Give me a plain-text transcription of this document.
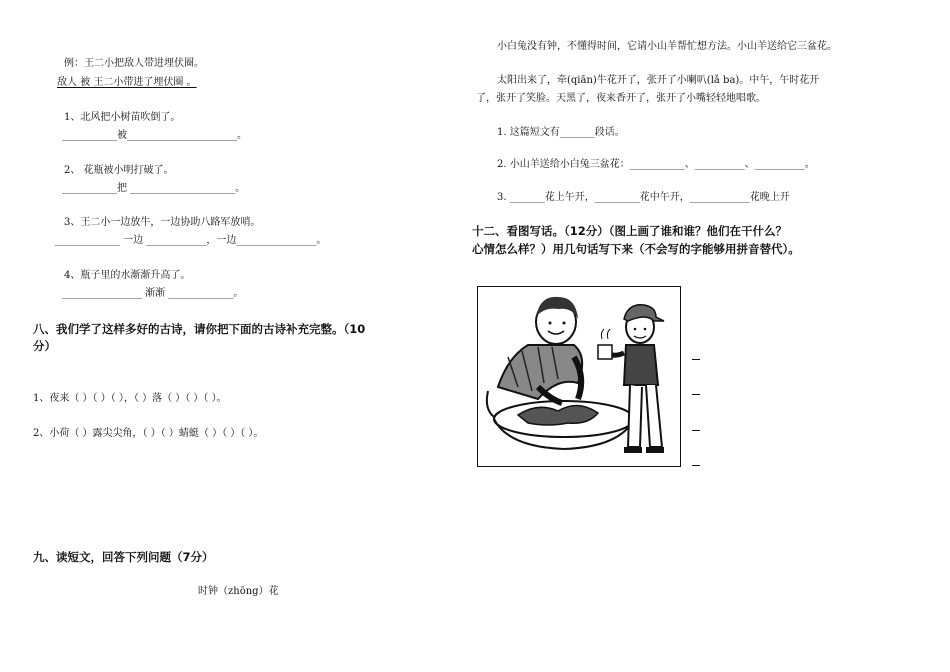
例：王二小把敌人带进埋伏圈。
敌人 被 王二小带进了埋伏圈 。
1、北风把小树苗吹倒了。
___________被______________________。
2、 花瓶被小明打破了。
___________把 _____________________。
3、王二小一边放牛，一边协助八路军放哨。
_____________ 一边 ____________，一边________________。
4、瓶子里的水渐渐升高了。
________________ 渐渐 _____________。
八、我们学了这样多好的古诗，请你把下面的古诗补充完整。（10
分）
1、夜来（ ）（ ）（ ），（ ）落（ ）（ ）（ ）。
2、小荷（ ）露尖尖角，（ ）（ ）蜻蜓（ ）（ ）（ ）。
九、读短文，回答下列问题（7分）
时钟（zhōng）花
小白兔没有钟，不懂得时间，它请小山羊帮忙想方法。小山羊送给它三盆花。
太阳出来了，牵(qiān)牛花开了，张开了小喇叭(lǎ ba)。中午，午时花开
了，张开了笑脸。天黑了，夜来香开了，张开了小嘴轻轻地唱歌。
1. 这篇短文有_______段话。
2. 小山羊送给小白兔三盆花：___________、__________、__________。
3. _______花上午开，_________花中午开，____________花晚上开
十二、看图写话。（12分）（图上画了谁和谁？他们在干什么？
心情怎么样？）用几句话写下来（不会写的字能够用拼音替代）。
